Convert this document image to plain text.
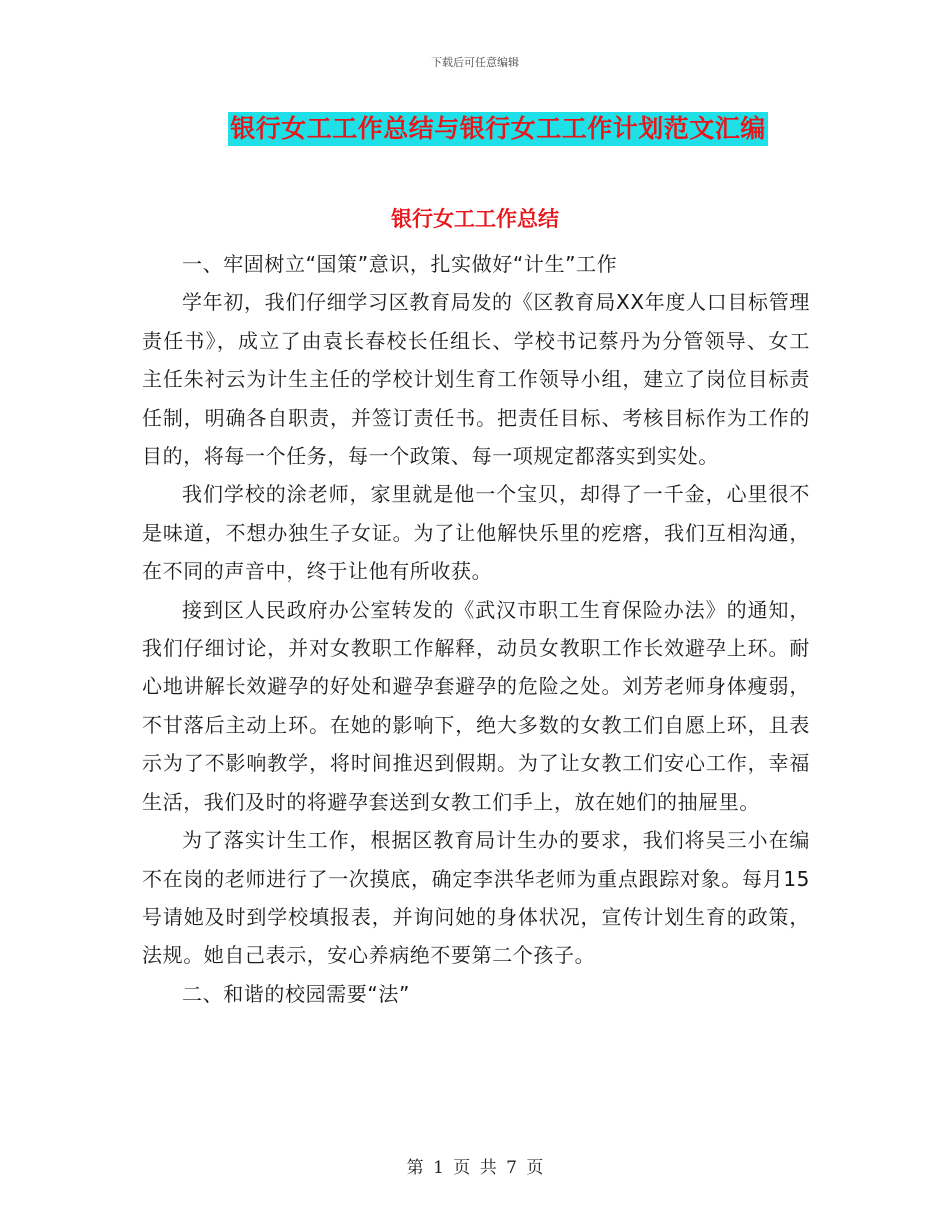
下载后可任意编辑
银行女工工作总结与银行女工工作计划范文汇编
银行女工工作总结

一、牢固树立“国策”意识，扎实做好“计生”工作

学年初，我们仔细学习区教育局发的《区教育局XX年度人口目标管理责任书》，成立了由袁长春校长任组长、学校书记蔡丹为分管领导、女工主任朱衬云为计生主任的学校计划生育工作领导小组，建立了岗位目标责任制，明确各自职责，并签订责任书。把责任目标、考核目标作为工作的目的，将每一个任务，每一个政策、每一项规定都落实到实处。

我们学校的涂老师，家里就是他一个宝贝，却得了一千金，心里很不是味道，不想办独生子女证。为了让他解快乐里的疙瘩，我们互相沟通，在不同的声音中，终于让他有所收获。

接到区人民政府办公室转发的《武汉市职工生育保险办法》的通知，我们仔细讨论，并对女教职工作解释，动员女教职工作长效避孕上环。耐心地讲解长效避孕的好处和避孕套避孕的危险之处。刘芳老师身体瘦弱，不甘落后主动上环。在她的影响下，绝大多数的女教工们自愿上环，且表示为了不影响教学，将时间推迟到假期。为了让女教工们安心工作，幸福生活，我们及时的将避孕套送到女教工们手上，放在她们的抽屉里。

为了落实计生工作，根据区教育局计生办的要求，我们将吴三小在编不在岗的老师进行了一次摸底，确定李洪华老师为重点跟踪对象。每月15号请她及时到学校填报表，并询问她的身体状况，宣传计划生育的政策，法规。她自己表示，安心养病绝不要第二个孩子。

二、和谐的校园需要“法”

第 1 页 共 7 页
